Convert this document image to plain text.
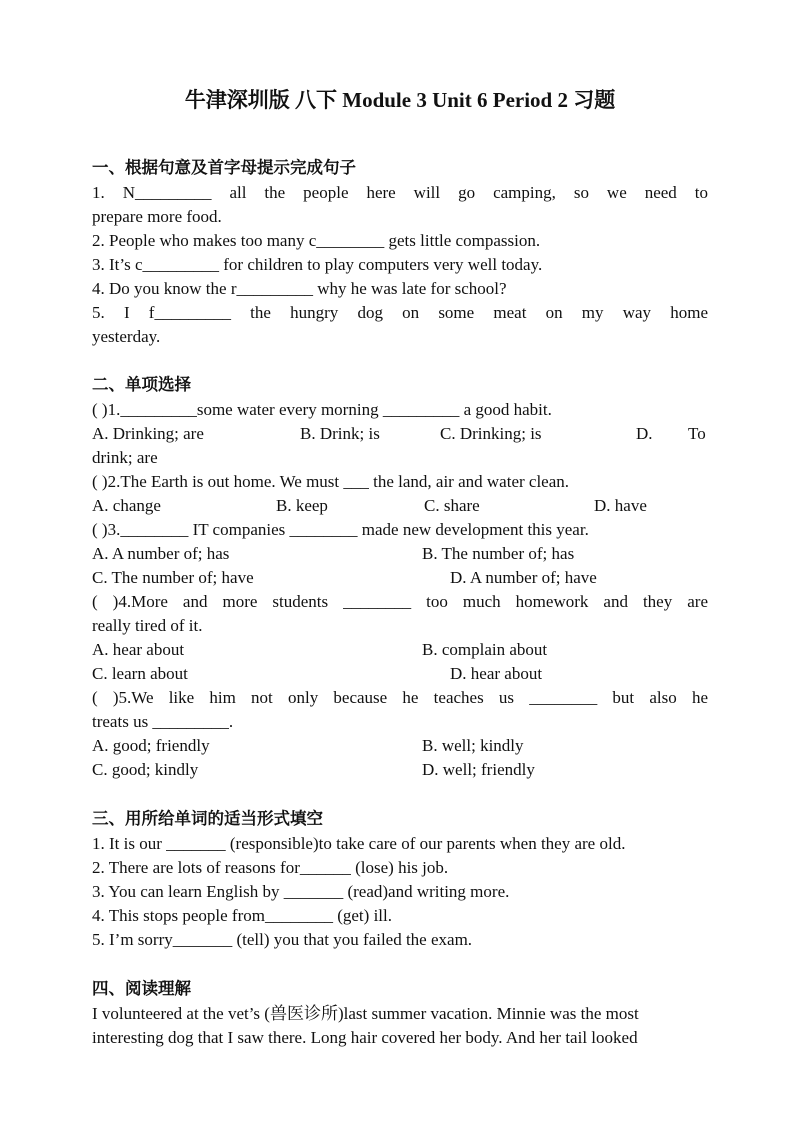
牛津深圳版 八下 Module 3 Unit 6 Period 2 习题
一、根据句意及首字母提示完成句子
1. N_________ all the people here will go camping, so we need to
prepare more food.
2. People who makes too many c________ gets little compassion.
3. It’s c_________ for children to play computers very well today.
4. Do you know the r_________ why he was late for school?
5. I f_________ the hungry dog on some meat on my way home
yesterday.
二、单项选择
( )1._________some water every morning _________ a good habit.
A. Drinking; are	B. Drink; is	C. Drinking; is	D. To
drink; are
( )2.The Earth is out home. We must ___ the land, air and water clean.
A. change	B. keep	C. share	D. have
( )3.________ IT companies ________ made new development this year.
A. A number of; has	B. The number of; has
C. The number of; have	D. A number of; have
( )4.More and more students ________ too much homework and they are
really tired of it.
A. hear about	B. complain about
C. learn about	D. hear about
( )5.We like him not only because he teaches us ________ but also he
treats us _________.
A. good; friendly	B. well; kindly
C. good; kindly	D. well; friendly
三、用所给单词的适当形式填空
1. It is our _______ (responsible)to take care of our parents when they are old.
2. There are lots of reasons for______ (lose) his job.
3. You can learn English by _______ (read)and writing more.
4. This stops people from________ (get) ill.
5. I’m sorry_______ (tell) you that you failed the exam.
四、阅读理解
I volunteered at the vet’s (兽医诊所)last summer vacation. Minnie was the most
interesting dog that I saw there. Long hair covered her body. And her tail looked
